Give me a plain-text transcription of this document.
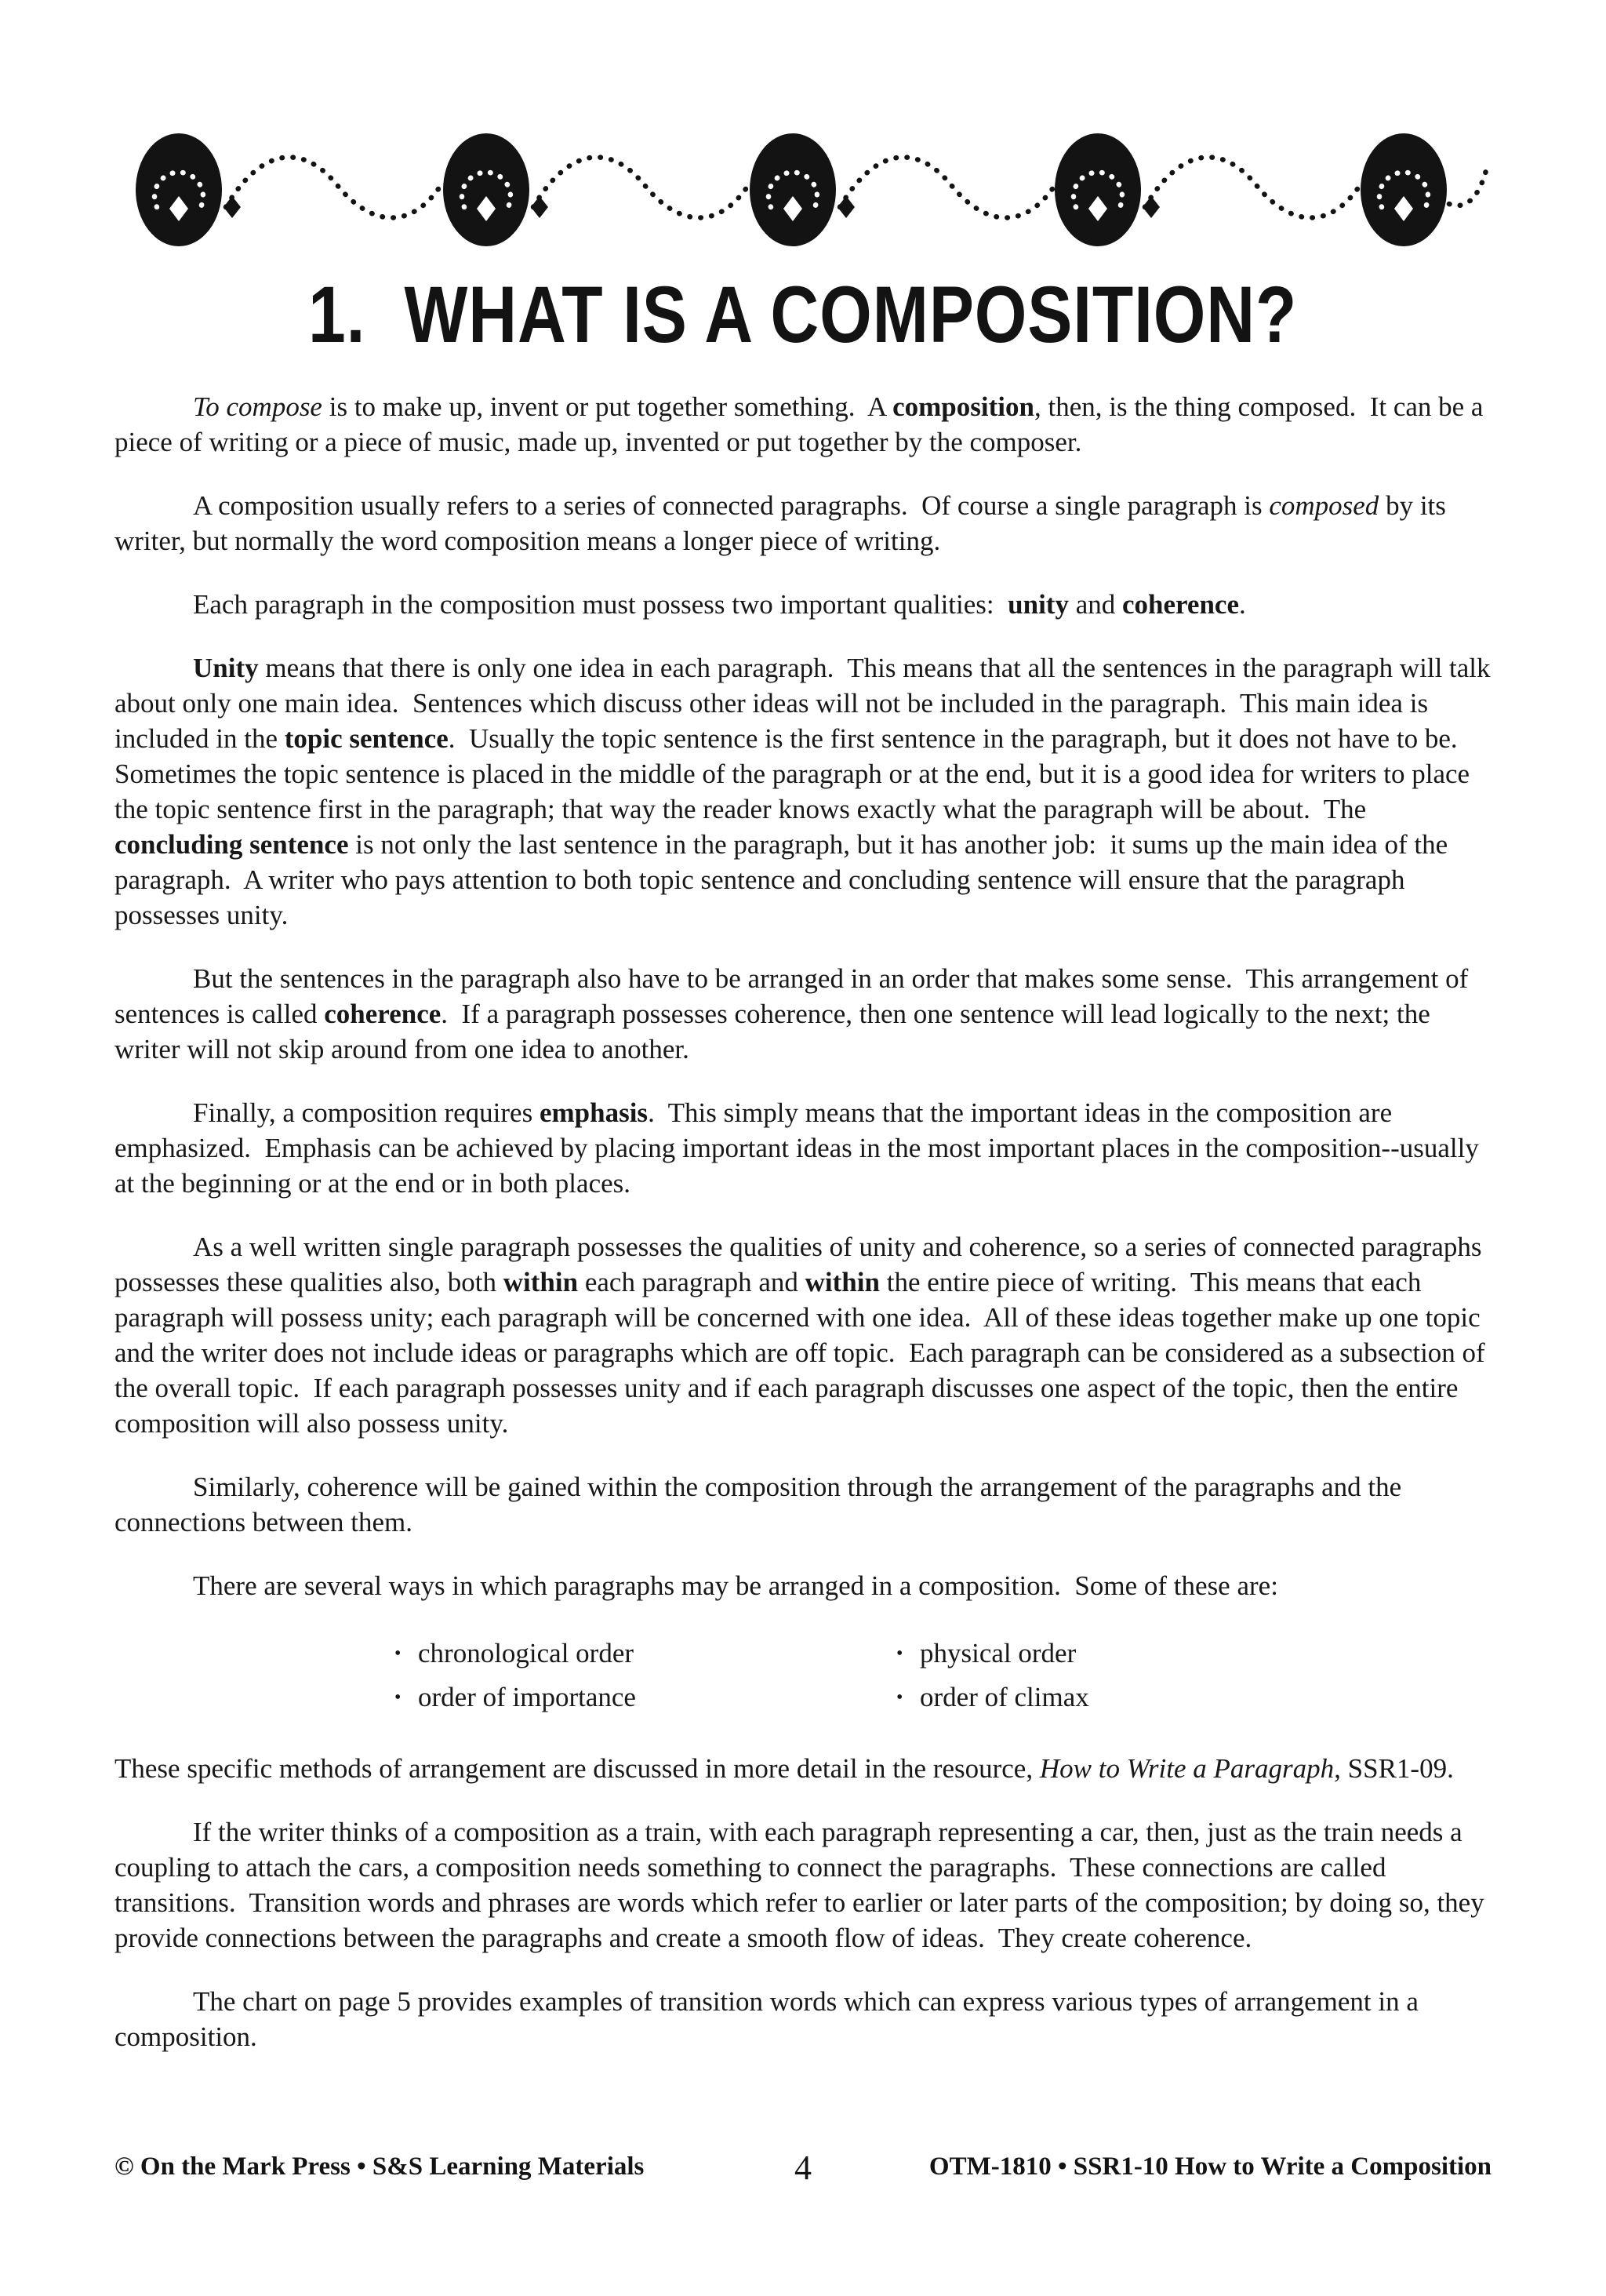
1.  WHAT IS A COMPOSITION?

To compose is to make up, invent or put together something.  A composition, then, is the thing composed.  It can be a piece of writing or a piece of music, made up, invented or put together by the composer.

A composition usually refers to a series of connected paragraphs.  Of course a single paragraph is composed by its writer, but normally the word composition means a longer piece of writing.

Each paragraph in the composition must possess two important qualities:  unity and coherence.

Unity means that there is only one idea in each paragraph.  This means that all the sentences in the paragraph will talk about only one main idea.  Sentences which discuss other ideas will not be included in the paragraph.  This main idea is included in the topic sentence.  Usually the topic sentence is the first sentence in the paragraph, but it does not have to be.  Sometimes the topic sentence is placed in the middle of the paragraph or at the end, but it is a good idea for writers to place the topic sentence first in the paragraph; that way the reader knows exactly what the paragraph will be about.  The concluding sentence is not only the last sentence in the paragraph, but it has another job:  it sums up the main idea of the paragraph.  A writer who pays attention to both topic sentence and concluding sentence will ensure that the paragraph possesses unity.

But the sentences in the paragraph also have to be arranged in an order that makes some sense.  This arrangement of sentences is called coherence.  If a paragraph possesses coherence, then one sentence will lead logically to the next; the writer will not skip around from one idea to another.

Finally, a composition requires emphasis.  This simply means that the important ideas in the composition are emphasized.  Emphasis can be achieved by placing important ideas in the most important places in the composition--usually at the beginning or at the end or in both places.

As a well written single paragraph possesses the qualities of unity and coherence, so a series of connected paragraphs possesses these qualities also, both within each paragraph and within the entire piece of writing.  This means that each paragraph will possess unity; each paragraph will be concerned with one idea.  All of these ideas together make up one topic and the writer does not include ideas or paragraphs which are off topic.  Each paragraph can be considered as a subsection of the overall topic.  If each paragraph possesses unity and if each paragraph discusses one aspect of the topic, then the entire composition will also possess unity.

Similarly, coherence will be gained within the composition through the arrangement of the paragraphs and the connections between them.

There are several ways in which paragraphs may be arranged in a composition.  Some of these are:

• chronological order
• order of importance
• physical order
• order of climax

These specific methods of arrangement are discussed in more detail in the resource, How to Write a Paragraph, SSR1-09.

If the writer thinks of a composition as a train, with each paragraph representing a car, then, just as the train needs a coupling to attach the cars, a composition needs something to connect the paragraphs.  These connections are called transitions.  Transition words and phrases are words which refer to earlier or later parts of the composition; by doing so, they provide connections between the paragraphs and create a smooth flow of ideas.  They create coherence.

The chart on page 5 provides examples of transition words which can express various types of arrangement in a composition.

© On the Mark Press • S&S Learning Materials	4	OTM-1810 • SSR1-10 How to Write a Composition
